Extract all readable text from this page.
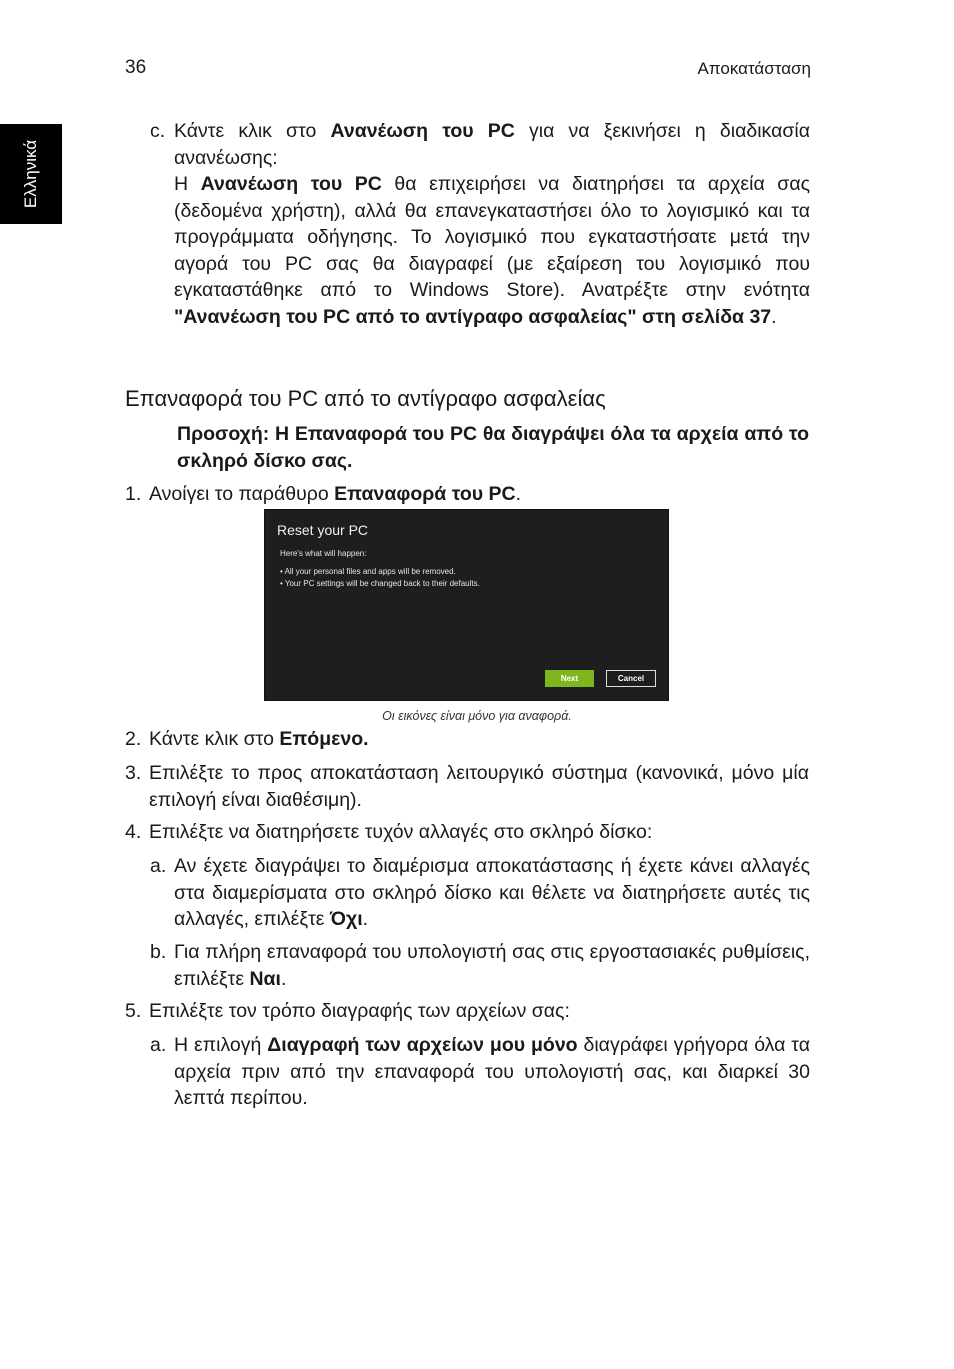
36	Αποκατάσταση
Ελληνικά
c. Κάντε κλικ στο Ανανέωση του PC για να ξεκινήσει η διαδικασία ανανέωσης:
Η Ανανέωση του PC θα επιχειρήσει να διατηρήσει τα αρχεία σας (δεδομένα χρήστη), αλλά θα επανεγκαταστήσει όλο το λογισμικό και τα προγράμματα οδήγησης. Το λογισμικό που εγκαταστήσατε μετά την αγορά του PC σας θα διαγραφεί (με εξαίρεση του λογισμικό που εγκαταστάθηκε από το Windows Store). Ανατρέξτε στην ενότητα "Ανανέωση του PC από το αντίγραφο ασφαλείας" στη σελίδα 37.
Επαναφορά του PC από το αντίγραφο ασφαλείας
Προσοχή: Η Επαναφορά του PC θα διαγράψει όλα τα αρχεία από το σκληρό δίσκο σας.
1. Ανοίγει το παράθυρο Επαναφορά του PC.
Reset your PC
Here's what will happen:
• All your personal files and apps will be removed.
• Your PC settings will be changed back to their defaults.
Next	Cancel
Οι εικόνες είναι μόνο για αναφορά.
2. Κάντε κλικ στο Επόμενο.
3. Επιλέξτε το προς αποκατάσταση λειτουργικό σύστημα (κανονικά, μόνο μία επιλογή είναι διαθέσιμη).
4. Επιλέξτε να διατηρήσετε τυχόν αλλαγές στο σκληρό δίσκο:
a. Αν έχετε διαγράψει το διαμέρισμα αποκατάστασης ή έχετε κάνει αλλαγές στα διαμερίσματα στο σκληρό δίσκο και θέλετε να διατηρήσετε αυτές τις αλλαγές, επιλέξτε Όχι.
b. Για πλήρη επαναφορά του υπολογιστή σας στις εργοστασιακές ρυθμίσεις, επιλέξτε Ναι.
5. Επιλέξτε τον τρόπο διαγραφής των αρχείων σας:
a. Η επιλογή Διαγραφή των αρχείων μου μόνο διαγράφει γρήγορα όλα τα αρχεία πριν από την επαναφορά του υπολογιστή σας, και διαρκεί 30 λεπτά περίπου.
